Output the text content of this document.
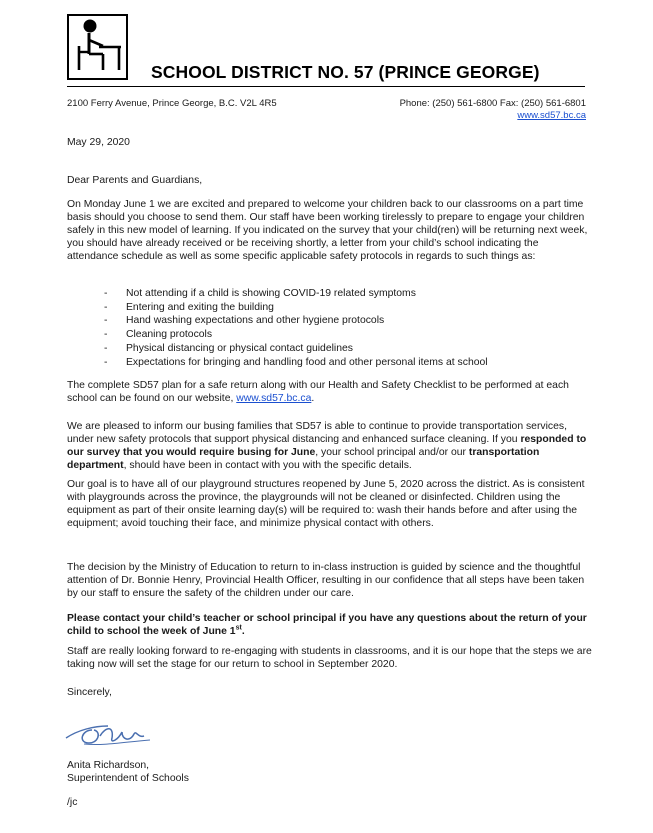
SCHOOL DISTRICT NO. 57 (PRINCE GEORGE)
2100 Ferry Avenue, Prince George, B.C. V2L 4R5	Phone: (250) 561-6800 Fax: (250) 561-6801
www.sd57.bc.ca
May 29, 2020
Dear Parents and Guardians,
On Monday June 1 we are excited and prepared to welcome your children back to our classrooms on a part time basis should you choose to send them. Our staff have been working tirelessly to prepare to engage your children safely in this new model of learning. If you indicated on the survey that your child(ren) will be returning next week, you should have already received or be receiving shortly, a letter from your child’s school indicating the attendance schedule as well as some specific applicable safety protocols in regards to such things as:
- Not attending if a child is showing COVID-19 related symptoms
- Entering and exiting the building
- Hand washing expectations and other hygiene protocols
- Cleaning protocols
- Physical distancing or physical contact guidelines
- Expectations for bringing and handling food and other personal items at school
The complete SD57 plan for a safe return along with our Health and Safety Checklist to be performed at each school can be found on our website, www.sd57.bc.ca.
We are pleased to inform our busing families that SD57 is able to continue to provide transportation services, under new safety protocols that support physical distancing and enhanced surface cleaning. If you responded to our survey that you would require busing for June, your school principal and/or our transportation department, should have been in contact with you with the specific details.
Our goal is to have all of our playground structures reopened by June 5, 2020 across the district. As is consistent with playgrounds across the province, the playgrounds will not be cleaned or disinfected. Children using the equipment as part of their onsite learning day(s) will be required to: wash their hands before and after using the equipment; avoid touching their face, and minimize physical contact with others.
The decision by the Ministry of Education to return to in-class instruction is guided by science and the thoughtful attention of Dr. Bonnie Henry, Provincial Health Officer, resulting in our confidence that all steps have been taken by our staff to ensure the safety of the children under our care.
Please contact your child’s teacher or school principal if you have any questions about the return of your child to school the week of June 1st.
Staff are really looking forward to re-engaging with students in classrooms, and it is our hope that the steps we are taking now will set the stage for our return to school in September 2020.
Sincerely,
Anita Richardson,
Superintendent of Schools
/jc
